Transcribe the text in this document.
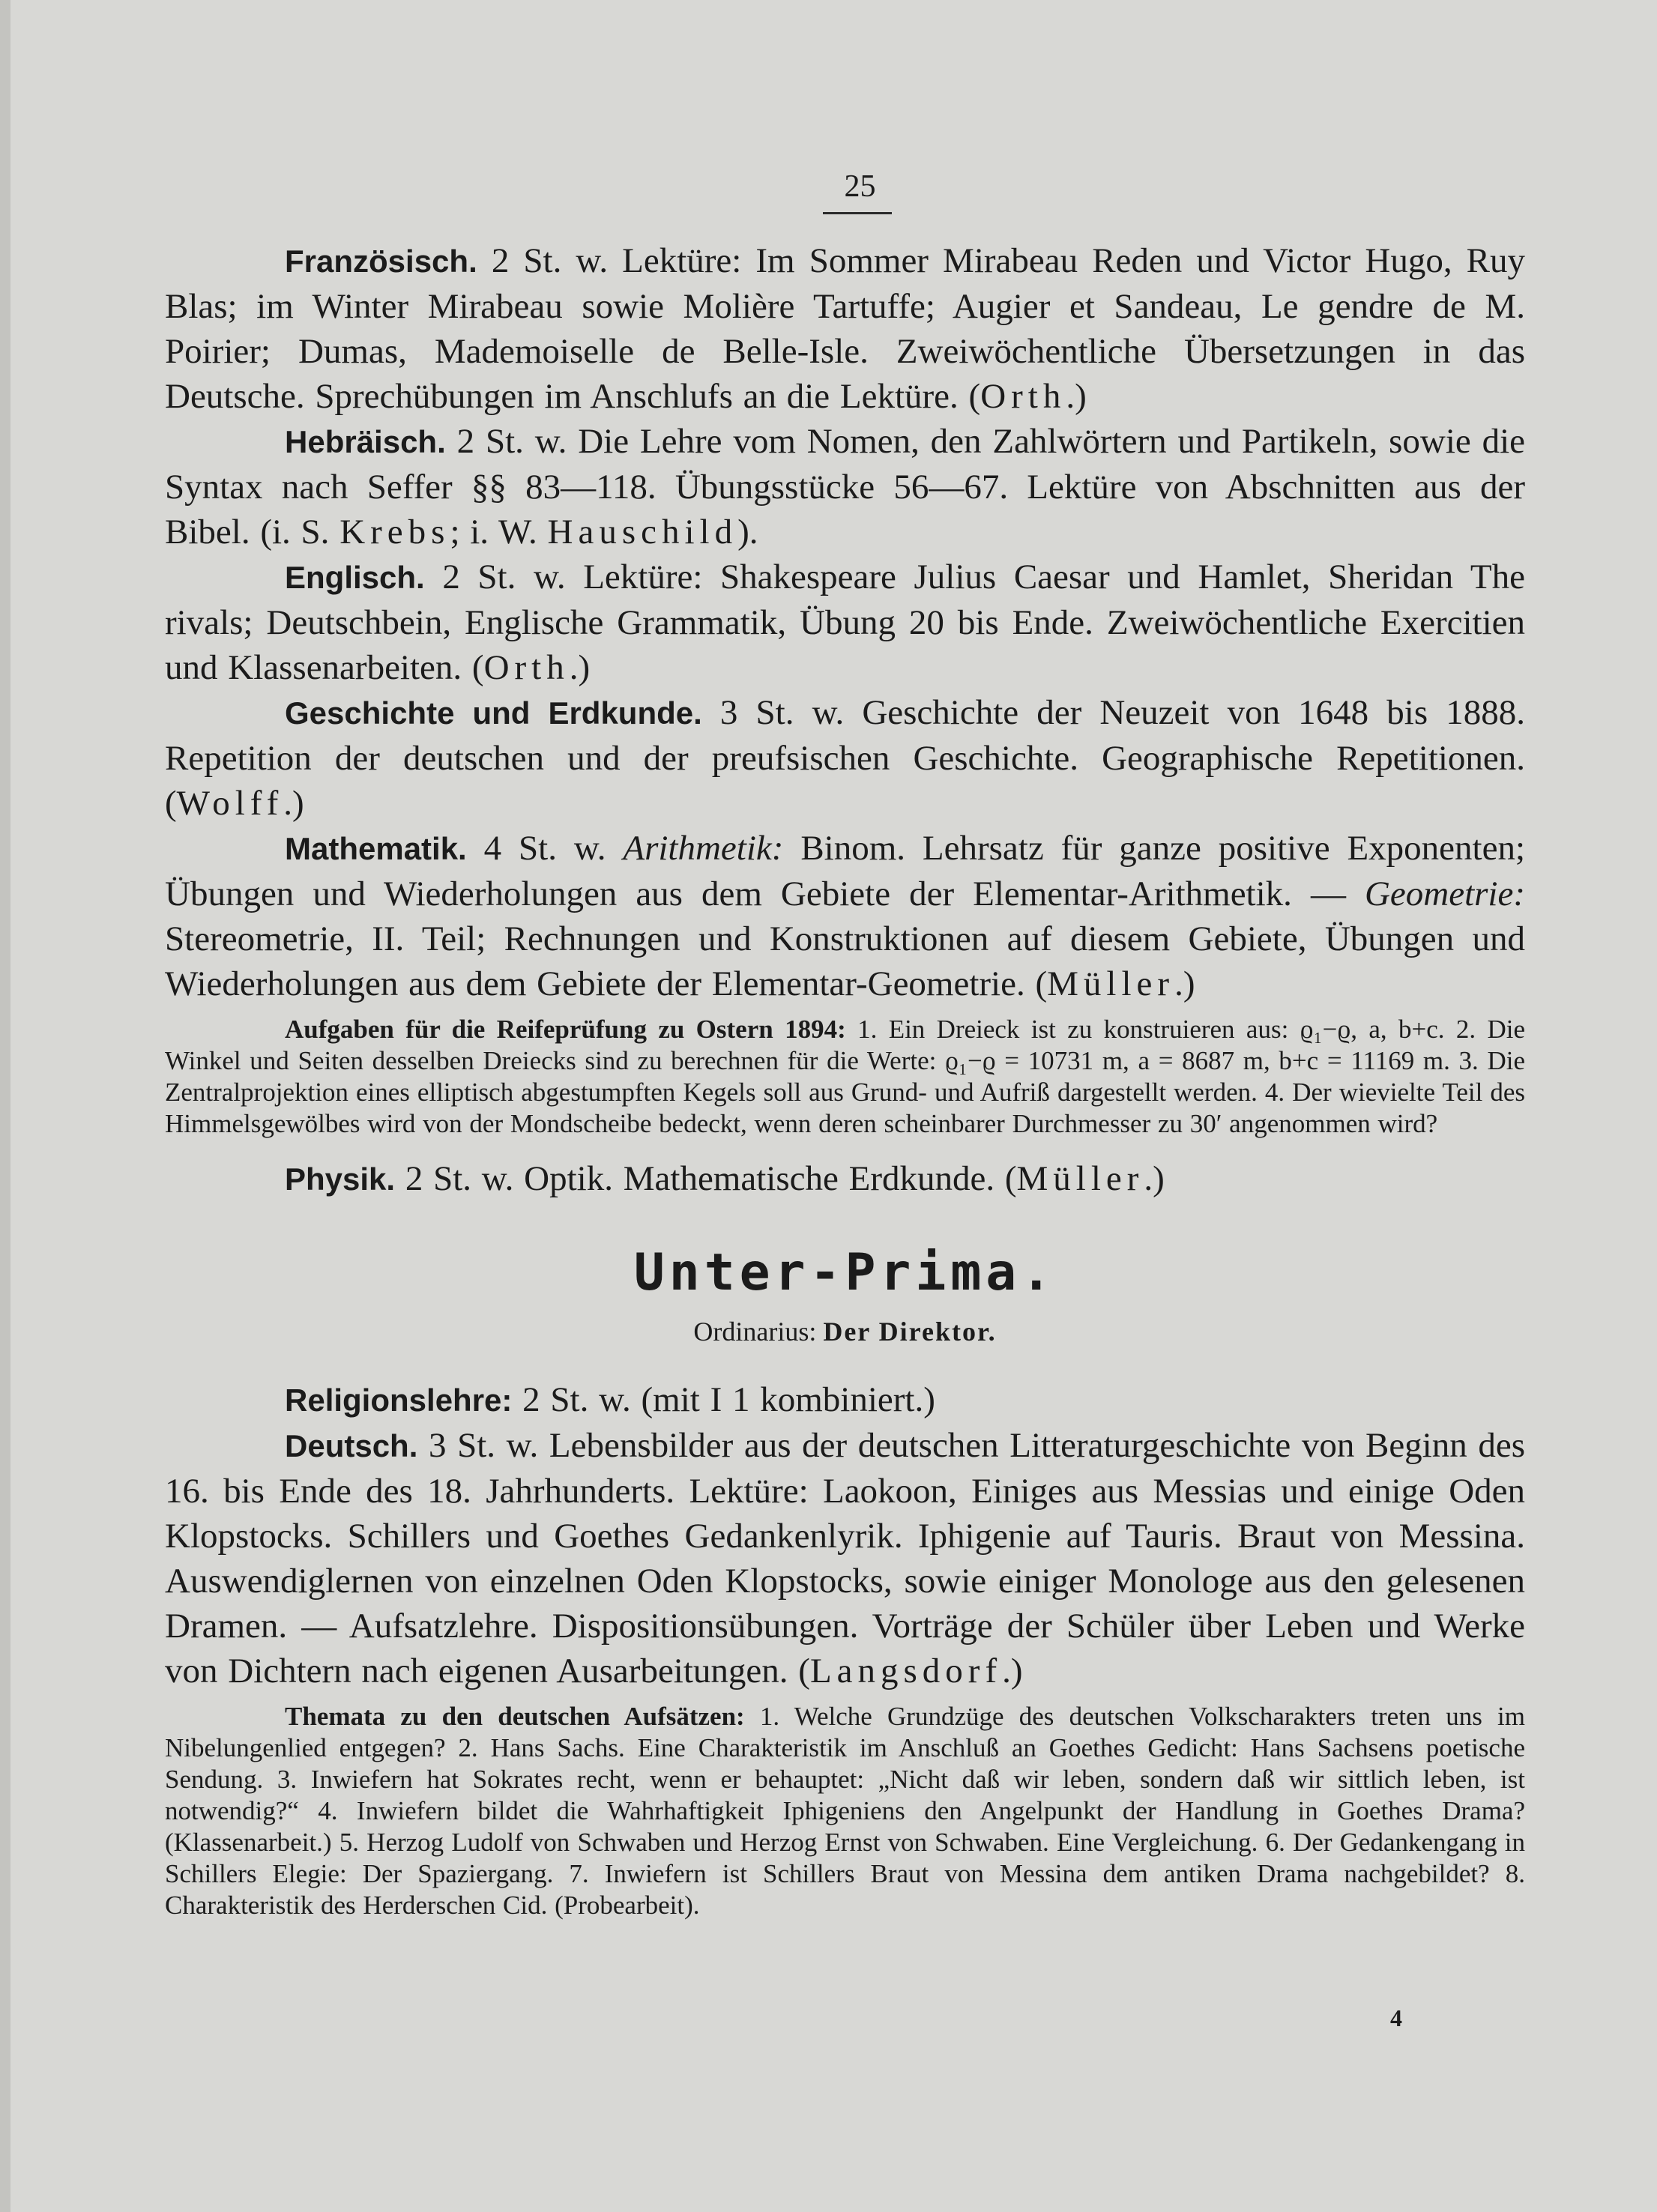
25

Französisch. 2 St. w. Lektüre: Im Sommer Mirabeau Reden und Victor Hugo, Ruy Blas; im Winter Mirabeau sowie Molière Tartuffe; Augier et Sandeau, Le gendre de M. Poirier; Dumas, Mademoiselle de Belle-Isle. Zweiwöchentliche Übersetzungen in das Deutsche. Sprechübungen im Anschlufs an die Lektüre. (Orth.)

Hebräisch. 2 St. w. Die Lehre vom Nomen, den Zahlwörtern und Partikeln, sowie die Syntax nach Seffer §§ 83—118. Übungsstücke 56—67. Lektüre von Abschnitten aus der Bibel. (i. S. Krebs; i. W. Hauschild).

Englisch. 2 St. w. Lektüre: Shakespeare Julius Caesar und Hamlet, Sheridan The rivals; Deutschbein, Englische Grammatik, Übung 20 bis Ende. Zweiwöchentliche Exercitien und Klassenarbeiten. (Orth.)

Geschichte und Erdkunde. 3 St. w. Geschichte der Neuzeit von 1648 bis 1888. Repetition der deutschen und der preufsischen Geschichte. Geographische Repetitionen. (Wolff.)

Mathematik. 4 St. w. Arithmetik: Binom. Lehrsatz für ganze positive Exponenten; Übungen und Wiederholungen aus dem Gebiete der Elementar-Arithmetik. — Geometrie: Stereometrie, II. Teil; Rechnungen und Konstruktionen auf diesem Gebiete, Übungen und Wiederholungen aus dem Gebiete der Elementar-Geometrie. (Müller.)

Aufgaben für die Reifeprüfung zu Ostern 1894: 1. Ein Dreieck ist zu konstruieren aus: ϱ₁−ϱ, a, b+c. 2. Die Winkel und Seiten desselben Dreiecks sind zu berechnen für die Werte: ϱ₁−ϱ = 10731 m, a = 8687 m, b+c = 11169 m. 3. Die Zentralprojektion eines elliptisch abgestumpften Kegels soll aus Grund- und Aufriß dargestellt werden. 4. Der wievielte Teil des Himmelsgewölbes wird von der Mondscheibe bedeckt, wenn deren scheinbarer Durchmesser zu 30′ angenommen wird?

Physik. 2 St. w. Optik. Mathematische Erdkunde. (Müller.)

Unter-Prima.
Ordinarius: Der Direktor.

Religionslehre: 2 St. w. (mit I 1 kombiniert.)

Deutsch. 3 St. w. Lebensbilder aus der deutschen Litteraturgeschichte von Beginn des 16. bis Ende des 18. Jahrhunderts. Lektüre: Laokoon, Einiges aus Messias und einige Oden Klopstocks. Schillers und Goethes Gedankenlyrik. Iphigenie auf Tauris. Braut von Messina. Auswendiglernen von einzelnen Oden Klopstocks, sowie einiger Monologe aus den gelesenen Dramen. — Aufsatzlehre. Dispositionsübungen. Vorträge der Schüler über Leben und Werke von Dichtern nach eigenen Ausarbeitungen. (Langsdorf.)

Themata zu den deutschen Aufsätzen: 1. Welche Grundzüge des deutschen Volkscharakters treten uns im Nibelungenlied entgegen? 2. Hans Sachs. Eine Charakteristik im Anschluß an Goethes Gedicht: Hans Sachsens poetische Sendung. 3. Inwiefern hat Sokrates recht, wenn er behauptet: „Nicht daß wir leben, sondern daß wir sittlich leben, ist notwendig?“ 4. Inwiefern bildet die Wahrhaftigkeit Iphigeniens den Angelpunkt der Handlung in Goethes Drama? (Klassenarbeit.) 5. Herzog Ludolf von Schwaben und Herzog Ernst von Schwaben. Eine Vergleichung. 6. Der Gedankengang in Schillers Elegie: Der Spaziergang. 7. Inwiefern ist Schillers Braut von Messina dem antiken Drama nachgebildet? 8. Charakteristik des Herderschen Cid. (Probearbeit).

4
